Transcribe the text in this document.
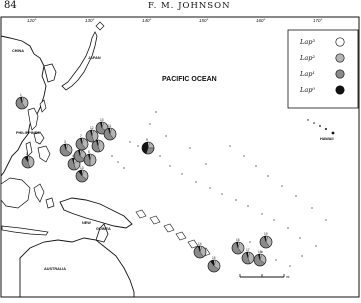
84	F. M. JOHNSON
120°	130°	140°	150°	160°	170°
CHINA
JAPAN
PHILIPPINES
NEW
GUINEA
AUSTRALIA
HAWAII
PACIFIC OCEAN
Lap³
Lap²
Lap¹
Lap⁰
mi
1
2
3
4
6
7
9
10
11
12
13
14
15
16
17	18
19
